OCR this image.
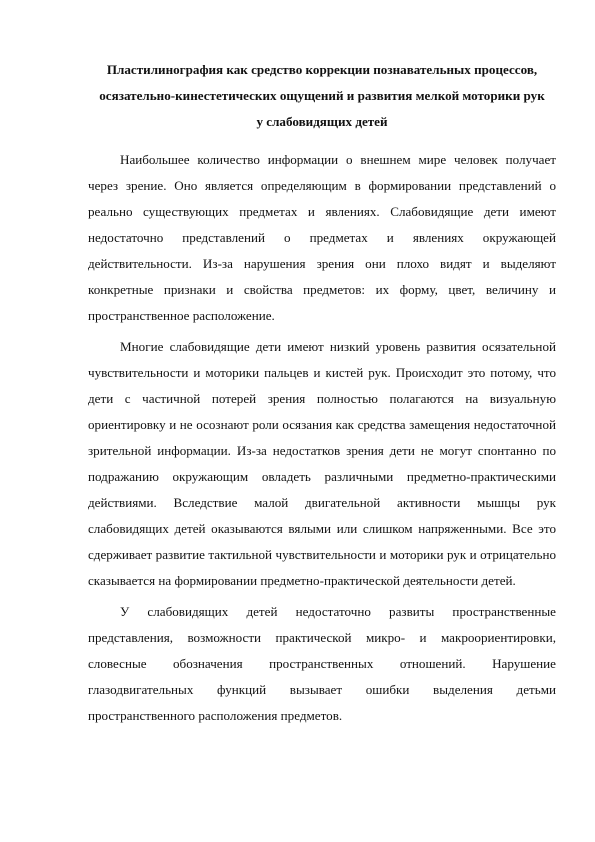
Пластилинография как средство коррекции познавательных процессов,
осязательно-кинестетических ощущений и развития мелкой моторики рук
у слабовидящих детей

Наибольшее количество информации о внешнем мире человек получает через зрение. Оно является определяющим в формировании представлений о реально существующих предметах и явлениях. Слабовидящие дети имеют недостаточно представлений о предметах и явлениях окружающей действительности. Из-за нарушения зрения они плохо видят и выделяют конкретные признаки и свойства предметов: их форму, цвет, величину и пространственное расположение.

Многие слабовидящие дети имеют низкий уровень развития осязательной чувствительности и моторики пальцев и кистей рук. Происходит это потому, что дети с частичной потерей зрения полностью полагаются на визуальную ориентировку и не осознают роли осязания как средства замещения недостаточной зрительной информации. Из-за недостатков зрения дети не могут спонтанно по подражанию окружающим овладеть различными предметно-практическими действиями. Вследствие малой двигательной активности мышцы рук слабовидящих детей оказываются вялыми или слишком напряженными. Все это сдерживает развитие тактильной чувствительности и моторики рук и отрицательно сказывается на формировании предметно-практической деятельности детей.

У слабовидящих детей недостаточно развиты пространственные представления, возможности практической микро- и макроориентировки, словесные обозначения пространственных отношений. Нарушение глазодвигательных функций вызывает ошибки выделения детьми пространственного расположения предметов.
